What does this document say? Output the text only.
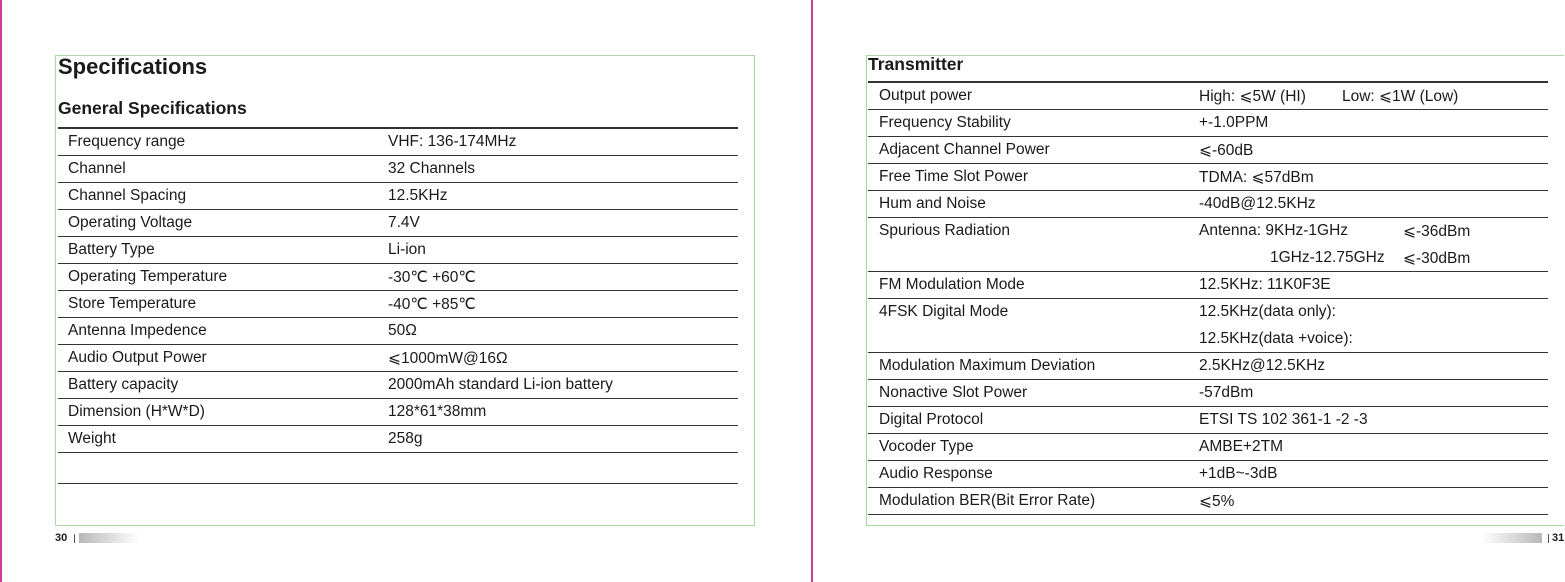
Specifications
General Specifications
Frequency range	VHF: 136-174MHz
Channel	32 Channels
Channel Spacing	12.5KHz
Operating Voltage	7.4V
Battery Type	Li-ion
Operating Temperature	-30℃ +60℃
Store Temperature	-40℃ +85℃
Antenna Impedence	50Ω
Audio Output Power	⩽1000mW@16Ω
Battery capacity	2000mAh standard Li-ion battery
Dimension (H*W*D)	128*61*38mm
Weight	258g
30
Transmitter
Output power	High: ⩽5W (HI) Low: ⩽1W (Low)
Frequency Stability	+-1.0PPM
Adjacent Channel Power	⩽-60dB
Free Time Slot Power	TDMA: ⩽57dBm
Hum and Noise	-40dB@12.5KHz
Spurious Radiation	Antenna: 9KHz-1GHz	⩽-36dBm
1GHz-12.75GHz ⩽-30dBm
FM Modulation Mode	12.5KHz: 11K0F3E
4FSK Digital Mode	12.5KHz(data only):
12.5KHz(data +voice):
Modulation Maximum Deviation	2.5KHz@12.5KHz
Nonactive Slot Power	-57dBm
Digital Protocol	ETSI TS 102 361-1 -2 -3
Vocoder Type	AMBE+2TM
Audio Response	+1dB~-3dB
Modulation BER(Bit Error Rate)	⩽5%
31
